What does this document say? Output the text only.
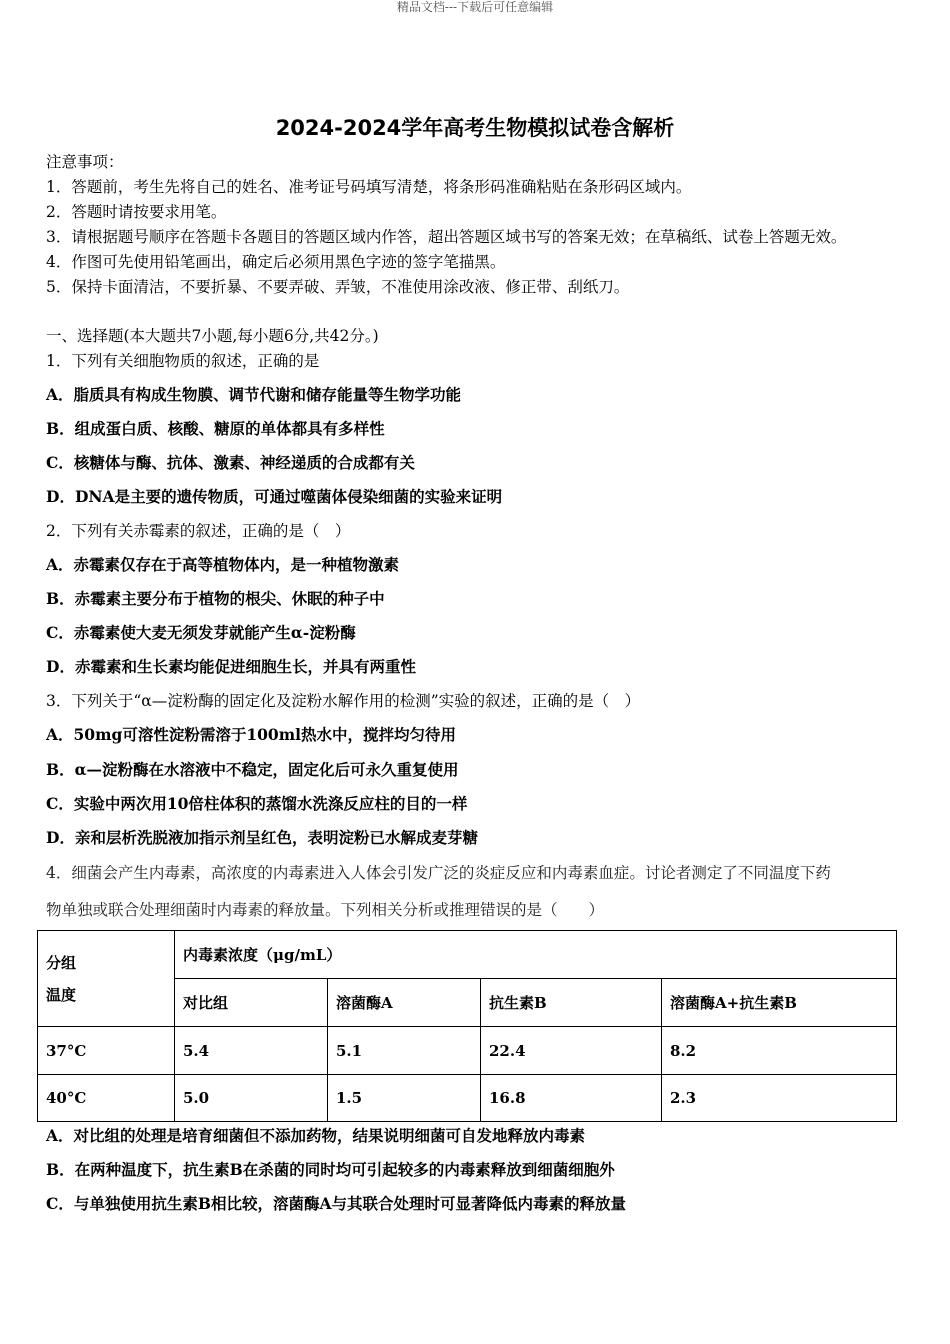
精品文档---下载后可任意编辑
2024-2024学年高考生物模拟试卷含解析
注意事项：
1．答题前，考生先将自己的姓名、准考证号码填写清楚，将条形码准确粘贴在条形码区域内。
2．答题时请按要求用笔。
3．请根据题号顺序在答题卡各题目的答题区域内作答，超出答题区域书写的答案无效；在草稿纸、试卷上答题无效。
4．作图可先使用铅笔画出，确定后必须用黑色字迹的签字笔描黑。
5．保持卡面清洁，不要折暴、不要弄破、弄皱，不准使用涂改液、修正带、刮纸刀。
一、选择题(本大题共7小题,每小题6分,共42分。)
1．下列有关细胞物质的叙述，正确的是
A．脂质具有构成生物膜、调节代谢和储存能量等生物学功能
B．组成蛋白质、核酸、糖原的单体都具有多样性
C．核糖体与酶、抗体、激素、神经递质的合成都有关
D．DNA是主要的遗传物质，可通过噬菌体侵染细菌的实验来证明
2．下列有关赤霉素的叙述，正确的是（　）
A．赤霉素仅存在于高等植物体内，是一种植物激素
B．赤霉素主要分布于植物的根尖、休眠的种子中
C．赤霉素使大麦无须发芽就能产生α-淀粉酶
D．赤霉素和生长素均能促进细胞生长，并具有两重性
3．下列关于“α—淀粉酶的固定化及淀粉水解作用的检测”实验的叙述，正确的是（　）
A．50mg可溶性淀粉需溶于100ml热水中，搅拌均匀待用
B．α—淀粉酶在水溶液中不稳定，固定化后可永久重复使用
C．实验中两次用10倍柱体积的蒸馏水洗涤反应柱的目的一样
D．亲和层析洗脱液加指示剂呈红色，表明淀粉已水解成麦芽糖
4．细菌会产生内毒素，高浓度的内毒素进入人体会引发广泛的炎症反应和内毒素血症。讨论者测定了不同温度下药
物单独或联合处理细菌时内毒素的释放量。下列相关分析或推理错误的是（　　）
分组
温度	内毒素浓度（μg/mL）			
	对比组	溶菌酶A	抗生素B	溶菌酶A+抗生素B
37°C	5.4	5.1	22.4	8.2
40°C	5.0	1.5	16.8	2.3
A．对比组的处理是培育细菌但不添加药物，结果说明细菌可自发地释放内毒素
B．在两种温度下，抗生素B在杀菌的同时均可引起较多的内毒素释放到细菌细胞外
C．与单独使用抗生素B相比较，溶菌酶A与其联合处理时可显著降低内毒素的释放量
